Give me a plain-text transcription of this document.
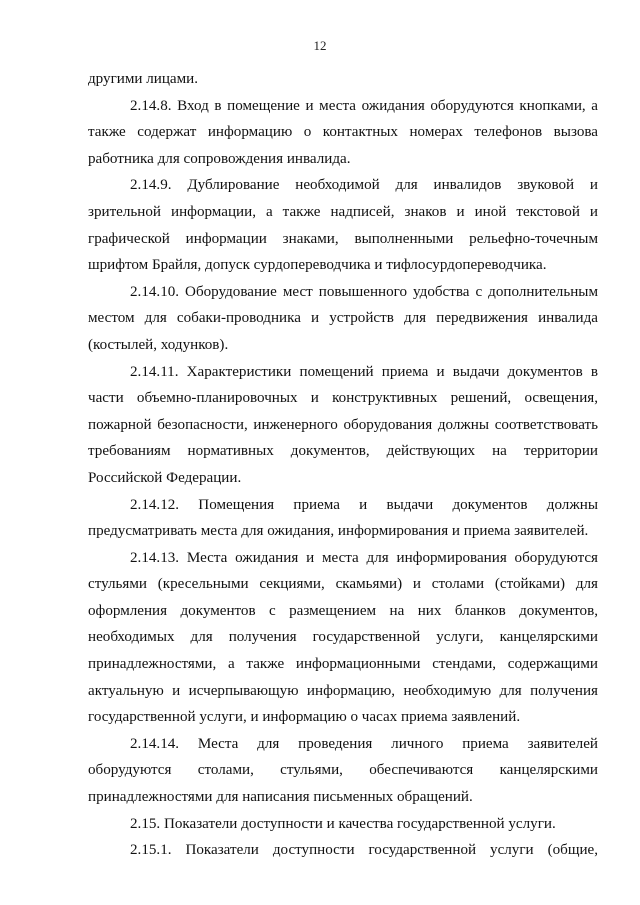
12
другими лицами.
2.14.8. Вход в помещение и места ожидания оборудуются кнопками, а
также содержат информацию о контактных номерах телефонов вызова
работника для сопровождения инвалида.
2.14.9. Дублирование необходимой для инвалидов звуковой и
зрительной информации, а также надписей, знаков и иной текстовой и
графической информации знаками, выполненными рельефно-точечным
шрифтом Брайля, допуск сурдопереводчика и тифлосурдопереводчика.
2.14.10. Оборудование мест повышенного удобства с дополнительным
местом для собаки-проводника и устройств для передвижения инвалида
(костылей, ходунков).
2.14.11. Характеристики помещений приема и выдачи документов в
части объемно-планировочных и конструктивных решений, освещения,
пожарной безопасности, инженерного оборудования должны соответствовать
требованиям нормативных документов, действующих на территории
Российской Федерации.
2.14.12. Помещения приема и выдачи документов должны
предусматривать места для ожидания, информирования и приема заявителей.
2.14.13. Места ожидания и места для информирования оборудуются
стульями (кресельными секциями, скамьями) и столами (стойками) для
оформления документов с размещением на них бланков документов,
необходимых для получения государственной услуги, канцелярскими
принадлежностями, а также информационными стендами, содержащими
актуальную и исчерпывающую информацию, необходимую для получения
государственной услуги, и информацию о часах приема заявлений.
2.14.14. Места для проведения личного приема заявителей
оборудуются столами, стульями, обеспечиваются канцелярскими
принадлежностями для написания письменных обращений.
2.15. Показатели доступности и качества государственной услуги.
2.15.1. Показатели доступности государственной услуги (общие,
